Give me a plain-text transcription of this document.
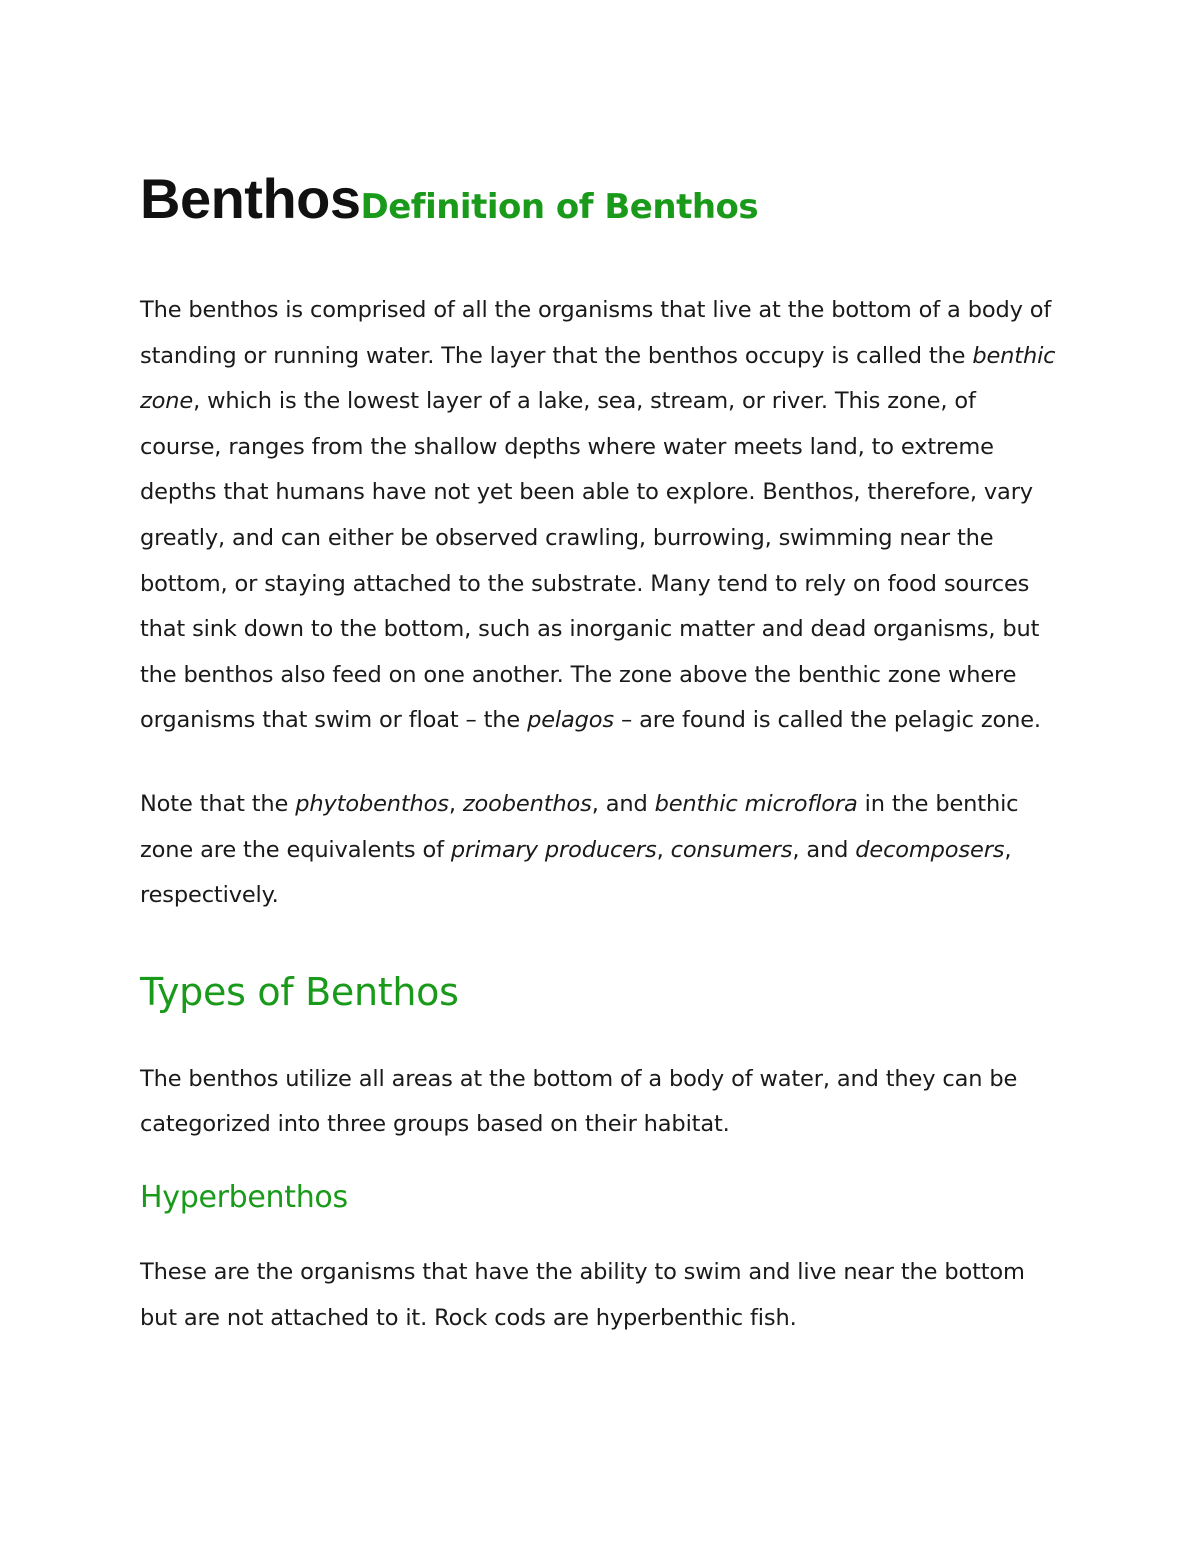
BenthosDefinition of Benthos

The benthos is comprised of all the organisms that live at the bottom of a body of standing or running water. The layer that the benthos occupy is called the benthic zone, which is the lowest layer of a lake, sea, stream, or river. This zone, of course, ranges from the shallow depths where water meets land, to extreme depths that humans have not yet been able to explore. Benthos, therefore, vary greatly, and can either be observed crawling, burrowing, swimming near the bottom, or staying attached to the substrate. Many tend to rely on food sources that sink down to the bottom, such as inorganic matter and dead organisms, but the benthos also feed on one another. The zone above the benthic zone where organisms that swim or float – the pelagos – are found is called the pelagic zone.

Note that the phytobenthos, zoobenthos, and benthic microflora in the benthic zone are the equivalents of primary producers, consumers, and decomposers, respectively.

Types of Benthos

The benthos utilize all areas at the bottom of a body of water, and they can be categorized into three groups based on their habitat.

Hyperbenthos

These are the organisms that have the ability to swim and live near the bottom but are not attached to it. Rock cods are hyperbenthic fish.
